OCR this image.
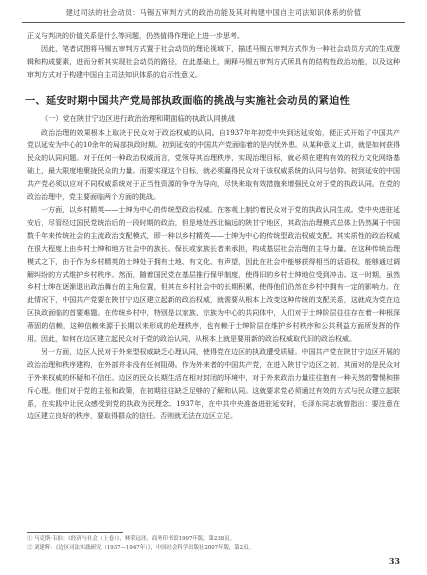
建过司法的社会动员：马锡五审判方式的政治功能及其对构建中国自主司法知识体系的价值

正义与判决的价值关系是什么等问题，仍然值得作理论上进一步思考。

因此，笔者试图将马锡五审判方式置于社会动员的理论视域下，描述马锡五审判方式作为一种社会动员方式的生成逻辑和构成要素，进而分析其实现社会动员的路径，在此基础上，阐释马锡五审判方式所具有的结构性政治功能，以及这种审判方式对于构建中国自主司法知识体系的启示性意义。

一、延安时期中国共产党局部执政面临的挑战与实施社会动员的紧迫性

（一）党在陕甘宁边区进行政治治理和期面临的执政认同挑战

政治治理的效果根本上取决于民众对于政治权威的认同。自1937年年初党中央到达延安始，便正式开始了中国共产党以延安为中心的10余年的局部执政时期。初到延安的中国共产党面临着的是内忧外患。从某种意义上讲，就是如何获得民众的认同问题。对于任何一种政治权威而言，党领导其治理秩序，实现治理目标，就必须在建构有效的权力文化网络基础上，最大限度地聚拢民众的力量。而要实现这个目标，就必须赢得民众对于该权威系统的认同与信仰。初到延安的中国共产党必须以应对不同权威系统对于正当性资源的争夺为导向，尽快来取有效措施来增强民众对于党的执政认同。在党的政治治理中，党主要面临两个方面的挑战。

一方面，以乡村精英——士绅为中心的传统型政治权威。在客观上制约着民众对于党的执政认同生成。党中央进驻延安后，尽管经过国民党统治后的一段时期的政治，但是地处西北偏远的陕甘宁地区，其政治治理模式总体上仍然属于中国数千年来传统社会的主流政治支配模式，即一种以乡村精英——士绅为中心的传统型政治权威支配。其实质性的政治权威在很大程度上由乡村士绅和地方社会中的族长、保长或家族长者来承担，构成基层社会治理的主导力量。在这种传统治理模式之下，由于作为乡村精英的士绅处于拥有土地、有文化、有声望，因此在社会中能够获得相当的话语权，能够通过调解纠纷的方式维护乡村秩序。然而，随着国民党在基层推行保甲制度，使得旧的乡村士绅地位受到冲击。这一时期，虽然乡村士绅在逐渐退出政治舞台的主角位置，但其在乡村社会中的长期积累，使得他们仍然在乡村中拥有一定的影响力。在此情况下，中国共产党要在陕甘宁边区建立起新的政治权威，就需要从根本上改变这种传统的支配关系，这就成为党在边区执政面临的首要难题。在传统乡村中，特别是以家族、宗族为中心的共同体中，人们对于士绅阶层往往存在着一种根深蒂固的信赖，这种信赖来源于长期以来形成的伦理秩序，也有赖于士绅阶层在维护乡村秩序和公共利益方面所发挥的作用。因此，如何在边区建立起民众对于党的政治认同，从根本上就是要用新的政治权威取代旧的政治权威。

另一方面，边区人民对于外来型权威缺乏心理认同，使得党在边区的执政遭受质疑。中国共产党在陕甘宁边区开展的政治治理和秩序建构，在外部并非没有任何阻碍。作为外来者的中国共产党，在进入陕甘宁边区之初，其面对的是民众对于外来权威的怀疑和不信任。边区的民众长期生活在相对封闭的环境中，对于外来政治力量往往抱有一种天然的警惕和排斥心理。他们对于党的主张和政策，在初期往往缺乏足够的了解和认同。这就要求党必须通过有效的方式与民众建立起联系，在实践中让民众感受到党的执政为民理念。1937年，在中共中央准备进驻延安时，毛泽东同志就曾指出：要注意在边区建立良好的秩序，要取得群众的信任。否则就无法在边区立足。

① 马克斯·韦伯：《经济与社会（上卷）》，林荣远译，商务印书馆1997年版，第238页。
② 刘建辉：《边区司法实践研究（1937—1947年）》，中国社会科学出版社2007年版，第2页。
33
